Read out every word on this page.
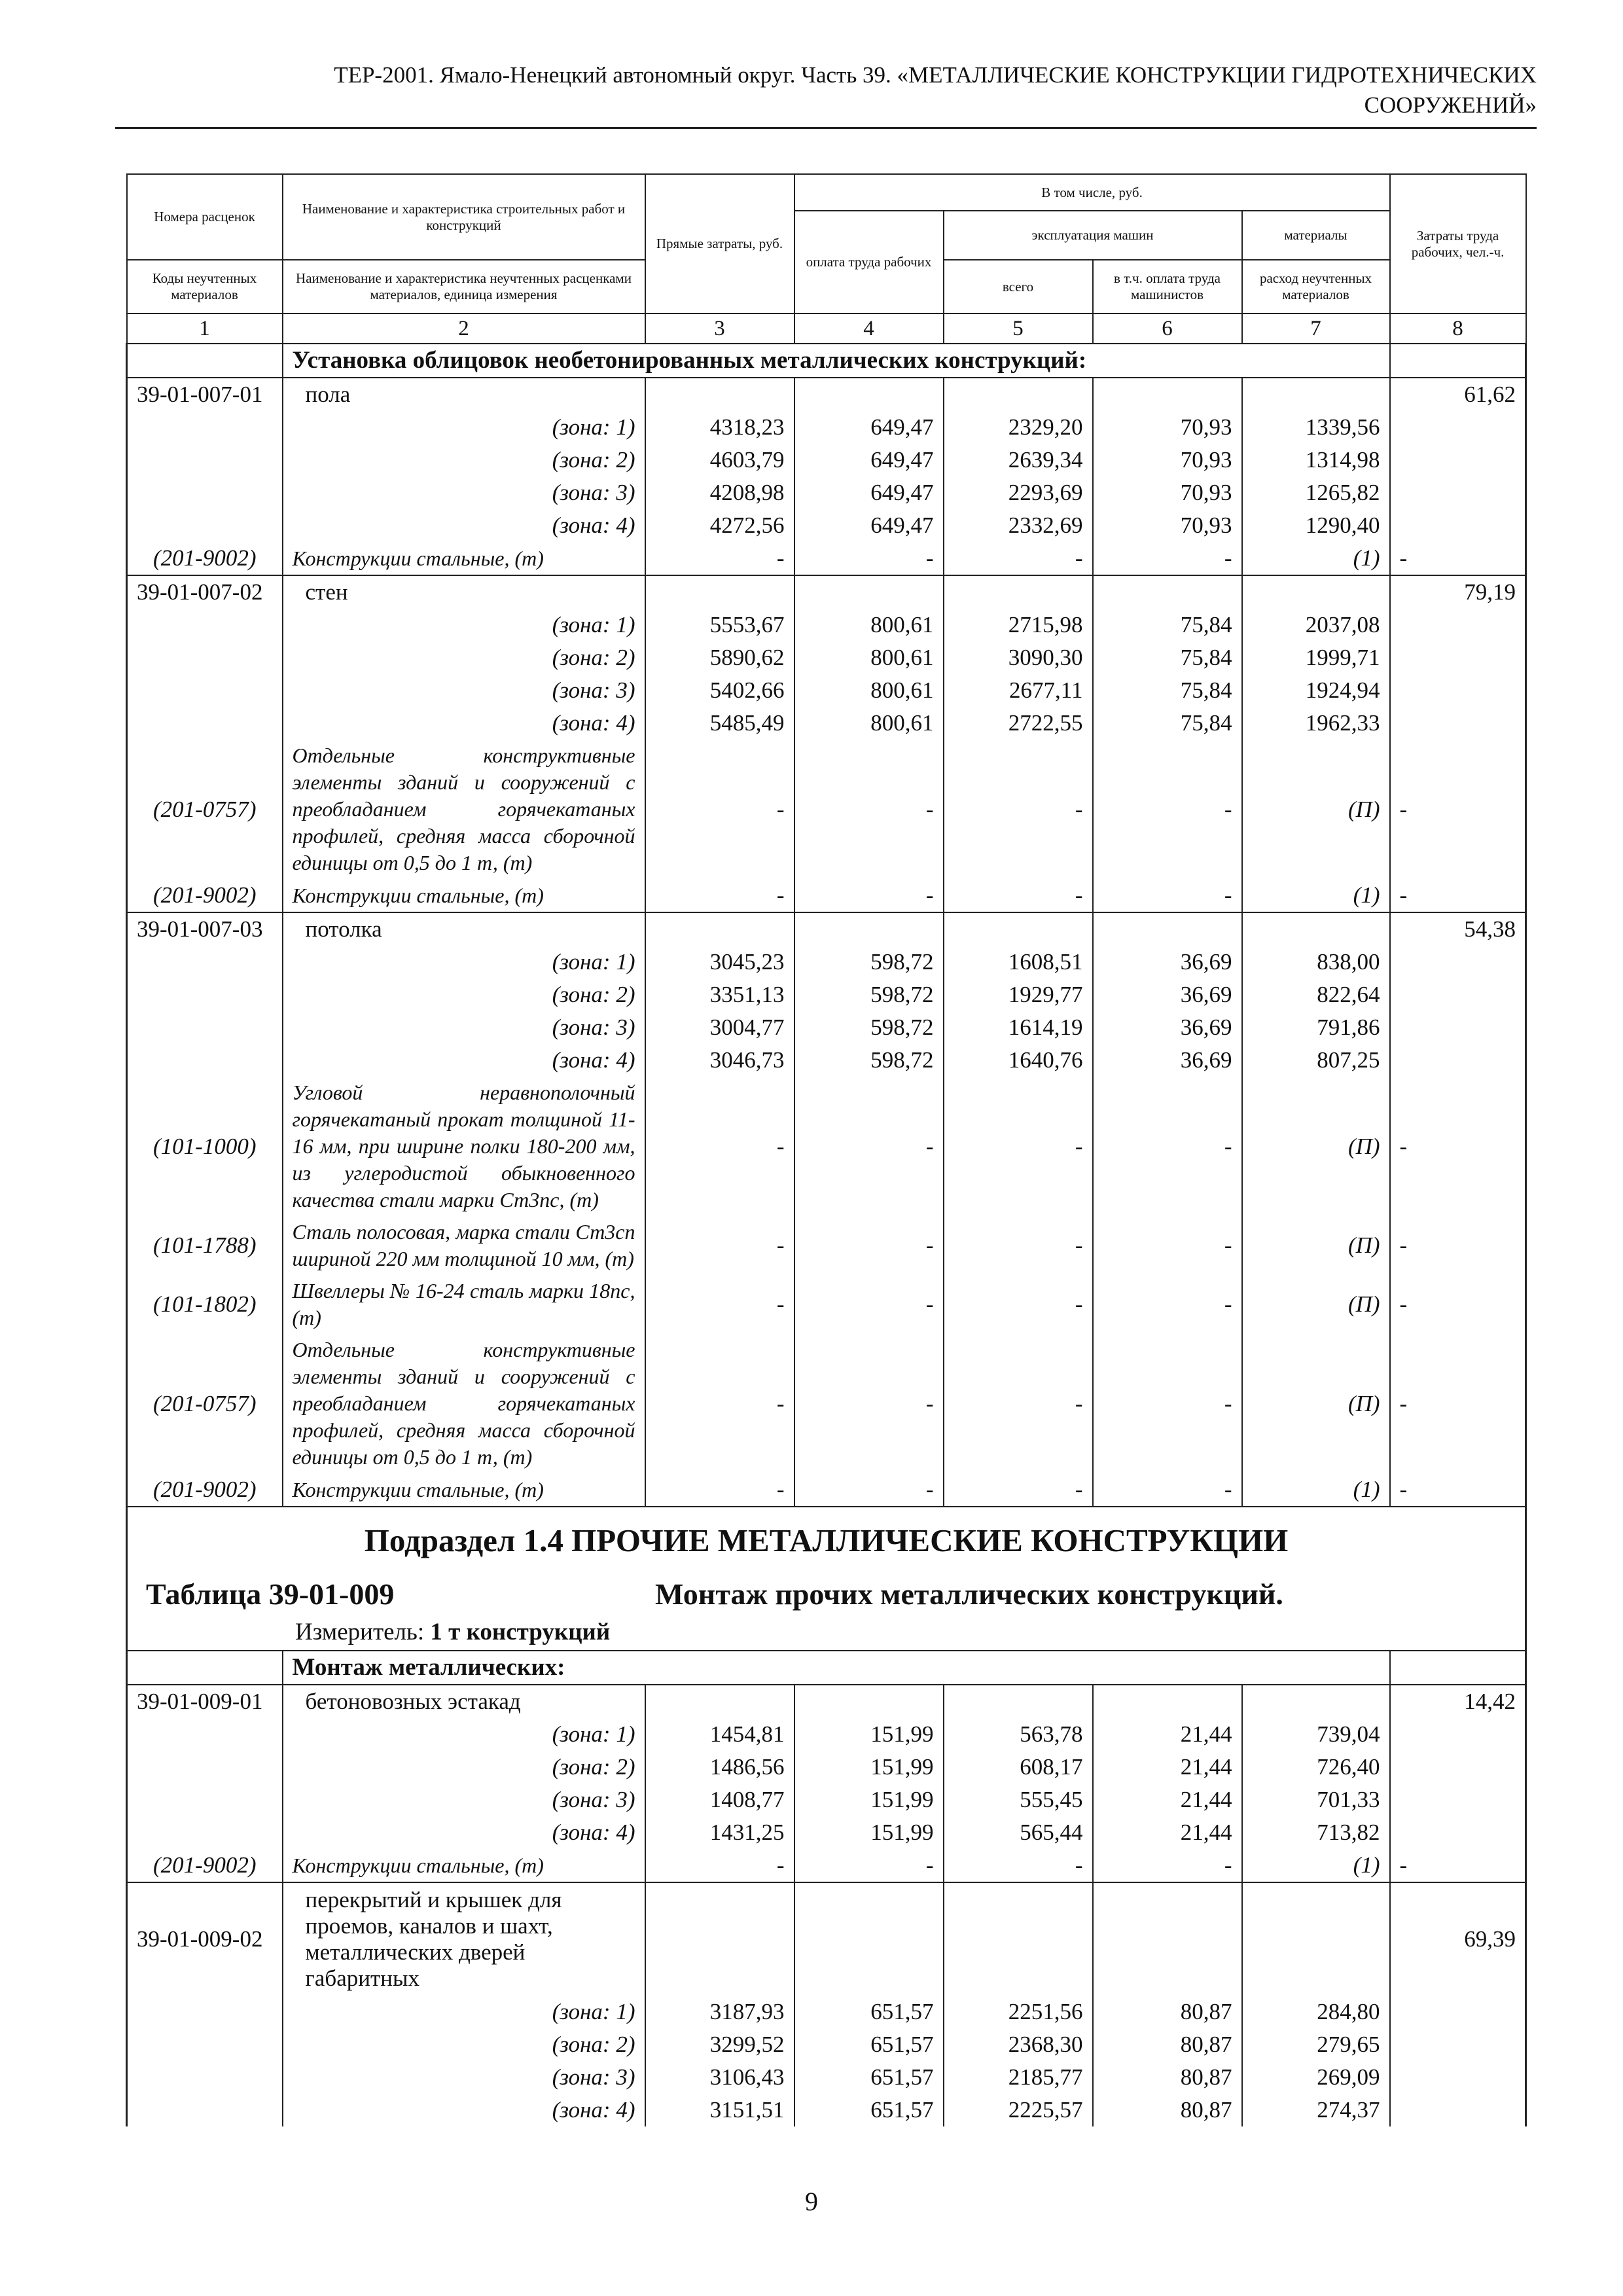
ТЕР-2001. Ямало-Ненецкий автономный округ. Часть 39. «МЕТАЛЛИЧЕСКИЕ КОНСТРУКЦИИ ГИДРОТЕХНИЧЕСКИХ
СООРУЖЕНИЙ»
Номера расценок	Наименование и характеристика строительных работ и конструкций	Прямые затраты, руб.	В том числе, руб.				Затраты труда рабочих, чел.-ч.
			оплата труда рабочих	эксплуатация машин		материалы	
Коды неучтенных материалов	Наименование и характеристика неучтенных расценками материалов, единица измерения			всего	в т.ч. оплата труда машинистов	расход неучтенных материалов	
1	2	3	4	5	6	7	8
	Установка облицовок необетонированных металлических конструкций:						
39-01-007-01	пола						61,62
	(зона: 1)	4318,23	649,47	2329,20	70,93	1339,56	
	(зона: 2)	4603,79	649,47	2639,34	70,93	1314,98	
	(зона: 3)	4208,98	649,47	2293,69	70,93	1265,82	
	(зона: 4)	4272,56	649,47	2332,69	70,93	1290,40	
(201-9002)	Конструкции стальные, (т)	-	-	-	-	(1)	-
39-01-007-02	стен						79,19
	(зона: 1)	5553,67	800,61	2715,98	75,84	2037,08	
	(зона: 2)	5890,62	800,61	3090,30	75,84	1999,71	
	(зона: 3)	5402,66	800,61	2677,11	75,84	1924,94	
	(зона: 4)	5485,49	800,61	2722,55	75,84	1962,33	
(201-0757)	Отдельные конструктивные элементы зданий и сооружений с преобладанием горячекатаных профилей, средняя масса сборочной единицы от 0,5 до 1 т, (т)	-	-	-	-	(П)	-
(201-9002)	Конструкции стальные, (т)	-	-	-	-	(1)	-
39-01-007-03	потолка						54,38
	(зона: 1)	3045,23	598,72	1608,51	36,69	838,00	
	(зона: 2)	3351,13	598,72	1929,77	36,69	822,64	
	(зона: 3)	3004,77	598,72	1614,19	36,69	791,86	
	(зона: 4)	3046,73	598,72	1640,76	36,69	807,25	
(101-1000)	Угловой неравнополочный горячекатаный прокат толщиной 11-16 мм, при ширине полки 180-200 мм, из углеродистой обыкновенного качества стали марки Ст3пс, (т)	-	-	-	-	(П)	-
(101-1788)	Сталь полосовая, марка стали Ст3сп шириной 220 мм толщиной 10 мм, (т)	-	-	-	-	(П)	-
(101-1802)	Швеллеры № 16-24 сталь марки 18пс, (т)	-	-	-	-	(П)	-
(201-0757)	Отдельные конструктивные элементы зданий и сооружений с преобладанием горячекатаных профилей, средняя масса сборочной единицы от 0,5 до 1 т, (т)	-	-	-	-	(П)	-
(201-9002)	Конструкции стальные, (т)	-	-	-	-	(1)	-

Подраздел 1.4 ПРОЧИЕ МЕТАЛЛИЧЕСКИЕ КОНСТРУКЦИИ
Таблица 39-01-009 Монтаж прочих металлических конструкций.
Измеритель: 1 т конструкций							

	Монтаж металлических:						
39-01-009-01	бетоновозных эстакад						14,42
	(зона: 1)	1454,81	151,99	563,78	21,44	739,04	
	(зона: 2)	1486,56	151,99	608,17	21,44	726,40	
	(зона: 3)	1408,77	151,99	555,45	21,44	701,33	
	(зона: 4)	1431,25	151,99	565,44	21,44	713,82	
(201-9002)	Конструкции стальные, (т)	-	-	-	-	(1)	-
39-01-009-02	перекрытий и крышек для проемов, каналов и шахт, металлических дверей габаритных						69,39
	(зона: 1)	3187,93	651,57	2251,56	80,87	284,80	
	(зона: 2)	3299,52	651,57	2368,30	80,87	279,65	
	(зона: 3)	3106,43	651,57	2185,77	80,87	269,09	
	(зона: 4)	3151,51	651,57	2225,57	80,87	274,37	
9
